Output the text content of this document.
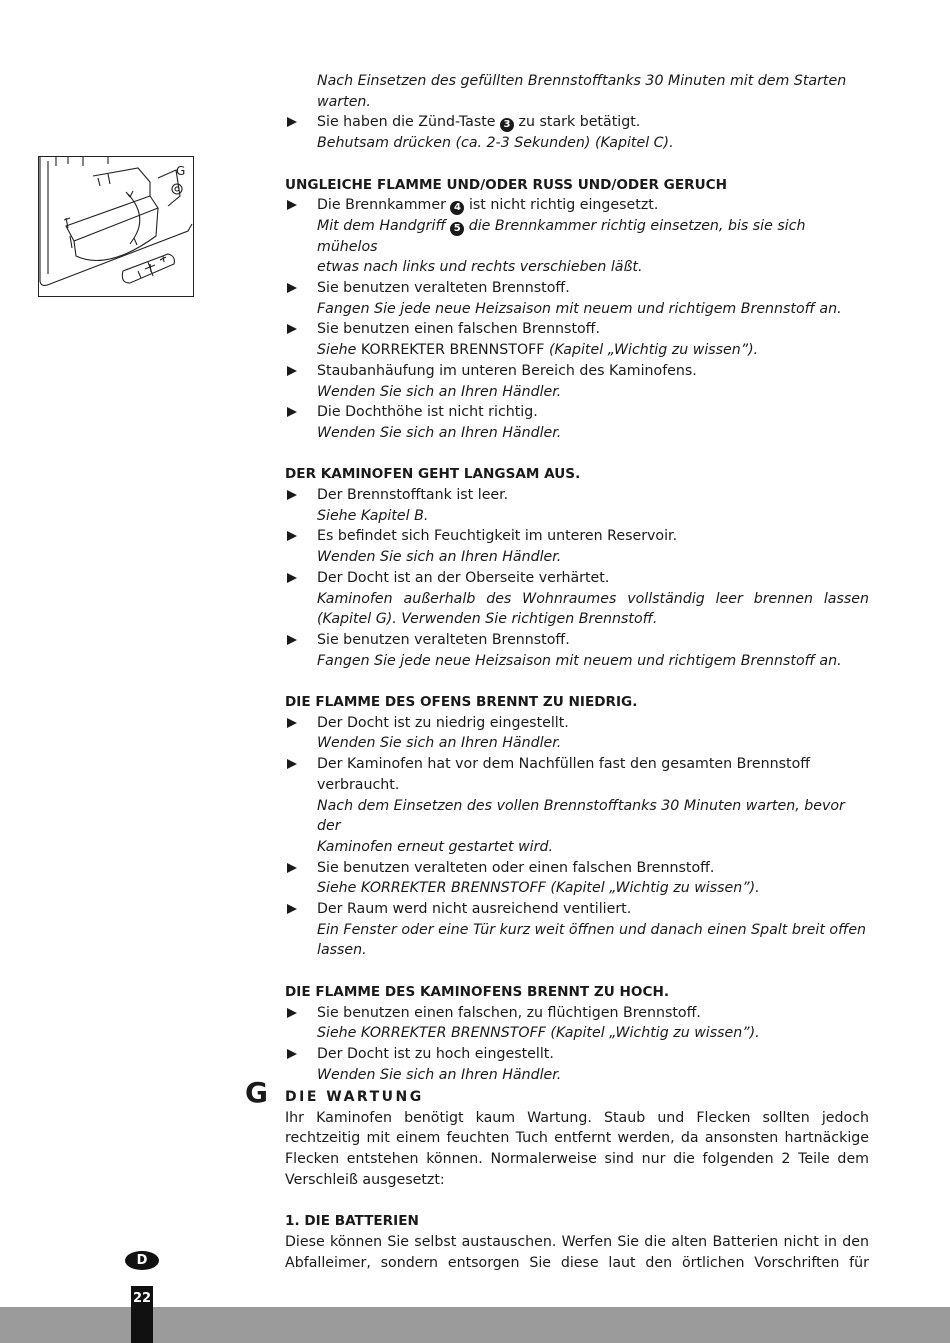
G
Nach Einsetzen des gefüllten Brennstofftanks 30 Minuten mit dem Starten
warten.
Sie haben die Zünd-Taste 3 zu stark betätigt.
Behutsam drücken (ca. 2-3 Sekunden) (Kapitel C).
UNGLEICHE FLAMME UND/ODER RUSS UND/ODER GERUCH
Die Brennkammer 4 ist nicht richtig eingesetzt.
Mit dem Handgriff 5 die Brennkammer richtig einsetzen, bis sie sich mühelos
etwas nach links und rechts verschieben läßt.
Sie benutzen veralteten Brennstoff.
Fangen Sie jede neue Heizsaison mit neuem und richtigem Brennstoff an.
Sie benutzen einen falschen Brennstoff.
Siehe KORREKTER BRENNSTOFF (Kapitel „Wichtig zu wissen”).
Staubanhäufung im unteren Bereich des Kaminofens.
Wenden Sie sich an Ihren Händler.
Die Dochthöhe ist nicht richtig.
Wenden Sie sich an Ihren Händler.
DER KAMINOFEN GEHT LANGSAM AUS.
Der Brennstofftank ist leer.
Siehe Kapitel B.
Es befindet sich Feuchtigkeit im unteren Reservoir.
Wenden Sie sich an Ihren Händler.
Der Docht ist an der Oberseite verhärtet.
Kaminofen außerhalb des Wohnraumes vollständig leer brennen lassen
(Kapitel G). Verwenden Sie richtigen Brennstoff.
Sie benutzen veralteten Brennstoff.
Fangen Sie jede neue Heizsaison mit neuem und richtigem Brennstoff an.
DIE FLAMME DES OFENS BRENNT ZU NIEDRIG.
Der Docht ist zu niedrig eingestellt.
Wenden Sie sich an Ihren Händler.
Der Kaminofen hat vor dem Nachfüllen fast den gesamten Brennstoff
verbraucht.
Nach dem Einsetzen des vollen Brennstofftanks 30 Minuten warten, bevor der
Kaminofen erneut gestartet wird.
Sie benutzen veralteten oder einen falschen Brennstoff.
Siehe KORREKTER BRENNSTOFF (Kapitel „Wichtig zu wissen”).
Der Raum werd nicht ausreichend ventiliert.
Ein Fenster oder eine Tür kurz weit öffnen und danach einen Spalt breit offen
lassen.
DIE FLAMME DES KAMINOFENS BRENNT ZU HOCH.
Sie benutzen einen falschen, zu flüchtigen Brennstoff.
Siehe KORREKTER BRENNSTOFF (Kapitel „Wichtig zu wissen”).
Der Docht ist zu hoch eingestellt.
Wenden Sie sich an Ihren Händler.
G DIE WARTUNG
Ihr Kaminofen benötigt kaum Wartung. Staub und Flecken sollten jedoch
rechtzeitig mit einem feuchten Tuch entfernt werden, da ansonsten hartnäckige
Flecken entstehen können. Normalerweise sind nur die folgenden 2 Teile dem
Verschleiß ausgesetzt:
1. DIE BATTERIEN
Diese können Sie selbst austauschen. Werfen Sie die alten Batterien nicht in den
Abfalleimer, sondern entsorgen Sie diese laut den örtlichen Vorschriften für
D
22
